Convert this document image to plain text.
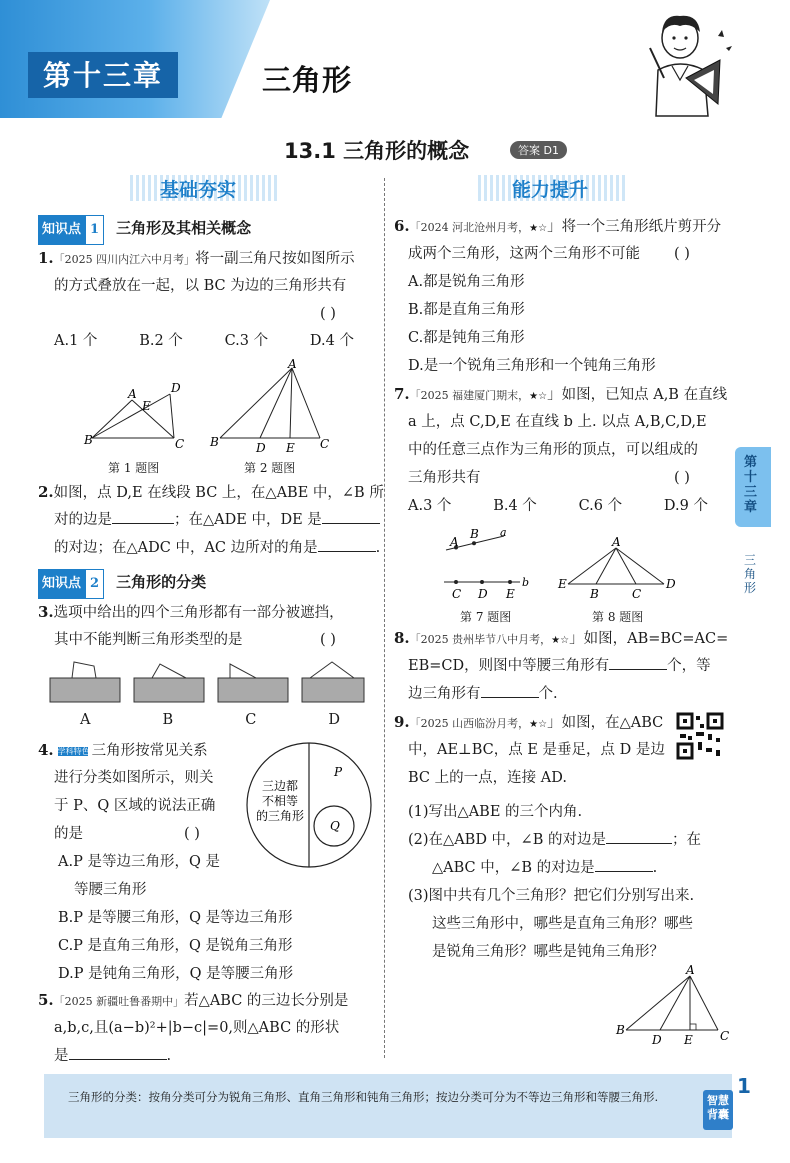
第十三章	三角形
13.1 三角形的概念	答案 D1
基础夯实
知识点 1 三角形及其相关概念
1.「2025 四川内江六中月考」将一副三角尺按如图所示
的方式叠放在一起，以 BC 为边的三角形共有
( )
A.1 个	B.2 个	C.3 个	D.4 个
B	C
A	D
E
B	C
A
D E
第 1 题图	第 2 题图
2.如图，点 D,E 在线段 BC 上，在△ABE 中，∠B 所
对的边是	；在△ADE 中，DE 是
的对边；在△ADC 中，AC 边所对的角是	.
知识点 2 三角形的分类
3.选项中给出的四个三角形都有一部分被遮挡，
其中不能判断三角形类型的是	( )
A	B	C	D
4. 学科特色 三角形按常见关系
进行分类如图所示，则关
于 P、Q 区域的说法正确
的是	( )
A.P 是等边三角形，Q 是
等腰三角形
B.P 是等腰三角形，Q 是等边三角形
C.P 是直角三角形，Q 是锐角三角形
D.P 是钝角三角形，Q 是等腰三角形
三边都
不相等
的三角形
P
Q
5.「2025 新疆吐鲁番期中」若△ABC 的三边长分别是
a,b,c,且(a−b)²+|b−c|=0,则△ABC 的形状
是	.
能力提升
6.「2024 河北沧州月考，★☆」将一个三角形纸片剪开分
成两个三角形，这两个三角形不可能 ( )
A.都是锐角三角形
B.都是直角三角形
C.都是钝角三角形
D.是一个锐角三角形和一个钝角三角形
7.「2025 福建厦门期末，★☆」如图，已知点 A,B 在直线
a 上，点 C,D,E 在直线 b 上. 以点 A,B,C,D,E
中的任意三点作为三角形的顶点，可以组成的
三角形共有	( )
A.3 个	B.4 个	C.6 个	D.9 个
A
B a
C D E
b
A
E
B	C
D
第 7 题图	第 8 题图
8.「2025 贵州毕节八中月考，★☆」如图，AB=BC=AC=
EB=CD，则图中等腰三角形有	个，等
边三角形有	个.
9.「2025 山西临汾月考，★☆」如图，在△ABC
中，AE⊥BC，点 E 是垂足，点 D 是边
BC 上的一点，连接 AD.
(1)写出△ABE 的三个内角.
(2)在△ABD 中，∠B 的对边是	；在
△ABC 中，∠B 的对边是	.
(3)图中共有几个三角形？把它们分别写出来.
这些三角形中，哪些是直角三角形？哪些
是锐角三角形？哪些是钝角三角形？
A
B	C
D E
第十三章
三角形
三角形的分类：按角分类可分为锐角三角形、直角三角形和钝角三角形；按边分类可分为不等边三角形和等腰三角形.	智慧背囊
1
